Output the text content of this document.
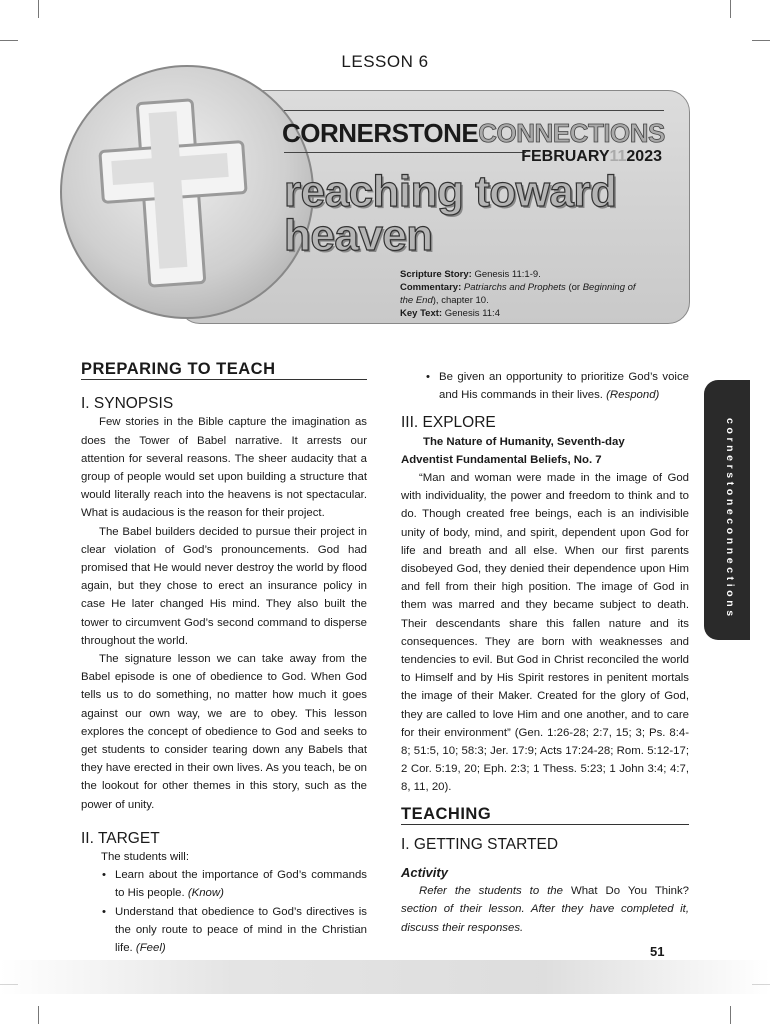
LESSON 6
CORNERSTONECONNECTIONS
FEBRUARY112023
reaching toward
heaven
Scripture Story: Genesis 11:1-9.
Commentary: Patriarchs and Prophets (or Beginning of the End), chapter 10.
Key Text: Genesis 11:4
PREPARING TO TEACH
I. SYNOPSIS

Few stories in the Bible capture the imagination as does the Tower of Babel narrative. It arrests our attention for several reasons. The sheer audacity that a group of people would set upon building a structure that would literally reach into the heavens is not spectacular. What is audacious is the reason for their project.

The Babel builders decided to pursue their project in clear violation of God’s pronouncements. God had promised that He would never destroy the world by flood again, but they chose to erect an insurance policy in case He later changed His mind. They also built the tower to circumvent God’s second command to disperse throughout the world.

The signature lesson we can take away from the Babel episode is one of obedience to God. When God tells us to do something, no matter how much it goes against our own way, we are to obey. This lesson explores the concept of obedience to God and seeks to get students to consider tearing down any Babels that they have erected in their own lives. As you teach, be on the lookout for other themes in this story, such as the power of unity.

II. TARGET
The students will:
• Learn about the importance of God’s commands to His people. (Know)
• Understand that obedience to God’s directives is the only route to peace of mind in the Christian life. (Feel)
• Be given an opportunity to prioritize God’s voice and His commands in their lives. (Respond)
III. EXPLORE
The Nature of Humanity, Seventh-day
Adventist Fundamental Beliefs, No. 7

“Man and woman were made in the image of God with individuality, the power and freedom to think and to do. Though created free beings, each is an indivisible unity of body, mind, and spirit, dependent upon God for life and breath and all else. When our first parents disobeyed God, they denied their dependence upon Him and fell from their high position. The image of God in them was marred and they became subject to death. Their descendants share this fallen nature and its consequences. They are born with weaknesses and tendencies to evil. But God in Christ reconciled the world to Himself and by His Spirit restores in penitent mortals the image of their Maker. Created for the glory of God, they are called to love Him and one another, and to care for their environment” (Gen. 1:26-28; 2:7, 15; 3; Ps. 8:4-8; 51:5, 10; 58:3; Jer. 17:9; Acts 17:24-28; Rom. 5:12-17; 2 Cor. 5:19, 20; Eph. 2:3; 1 Thess. 5:23; 1 John 3:4; 4:7, 8, 11, 20).

TEACHING
I. GETTING STARTED
Activity

Refer the students to the What Do You Think? section of their lesson. After they have completed it, discuss their responses.

cornerstoneconnections
51
